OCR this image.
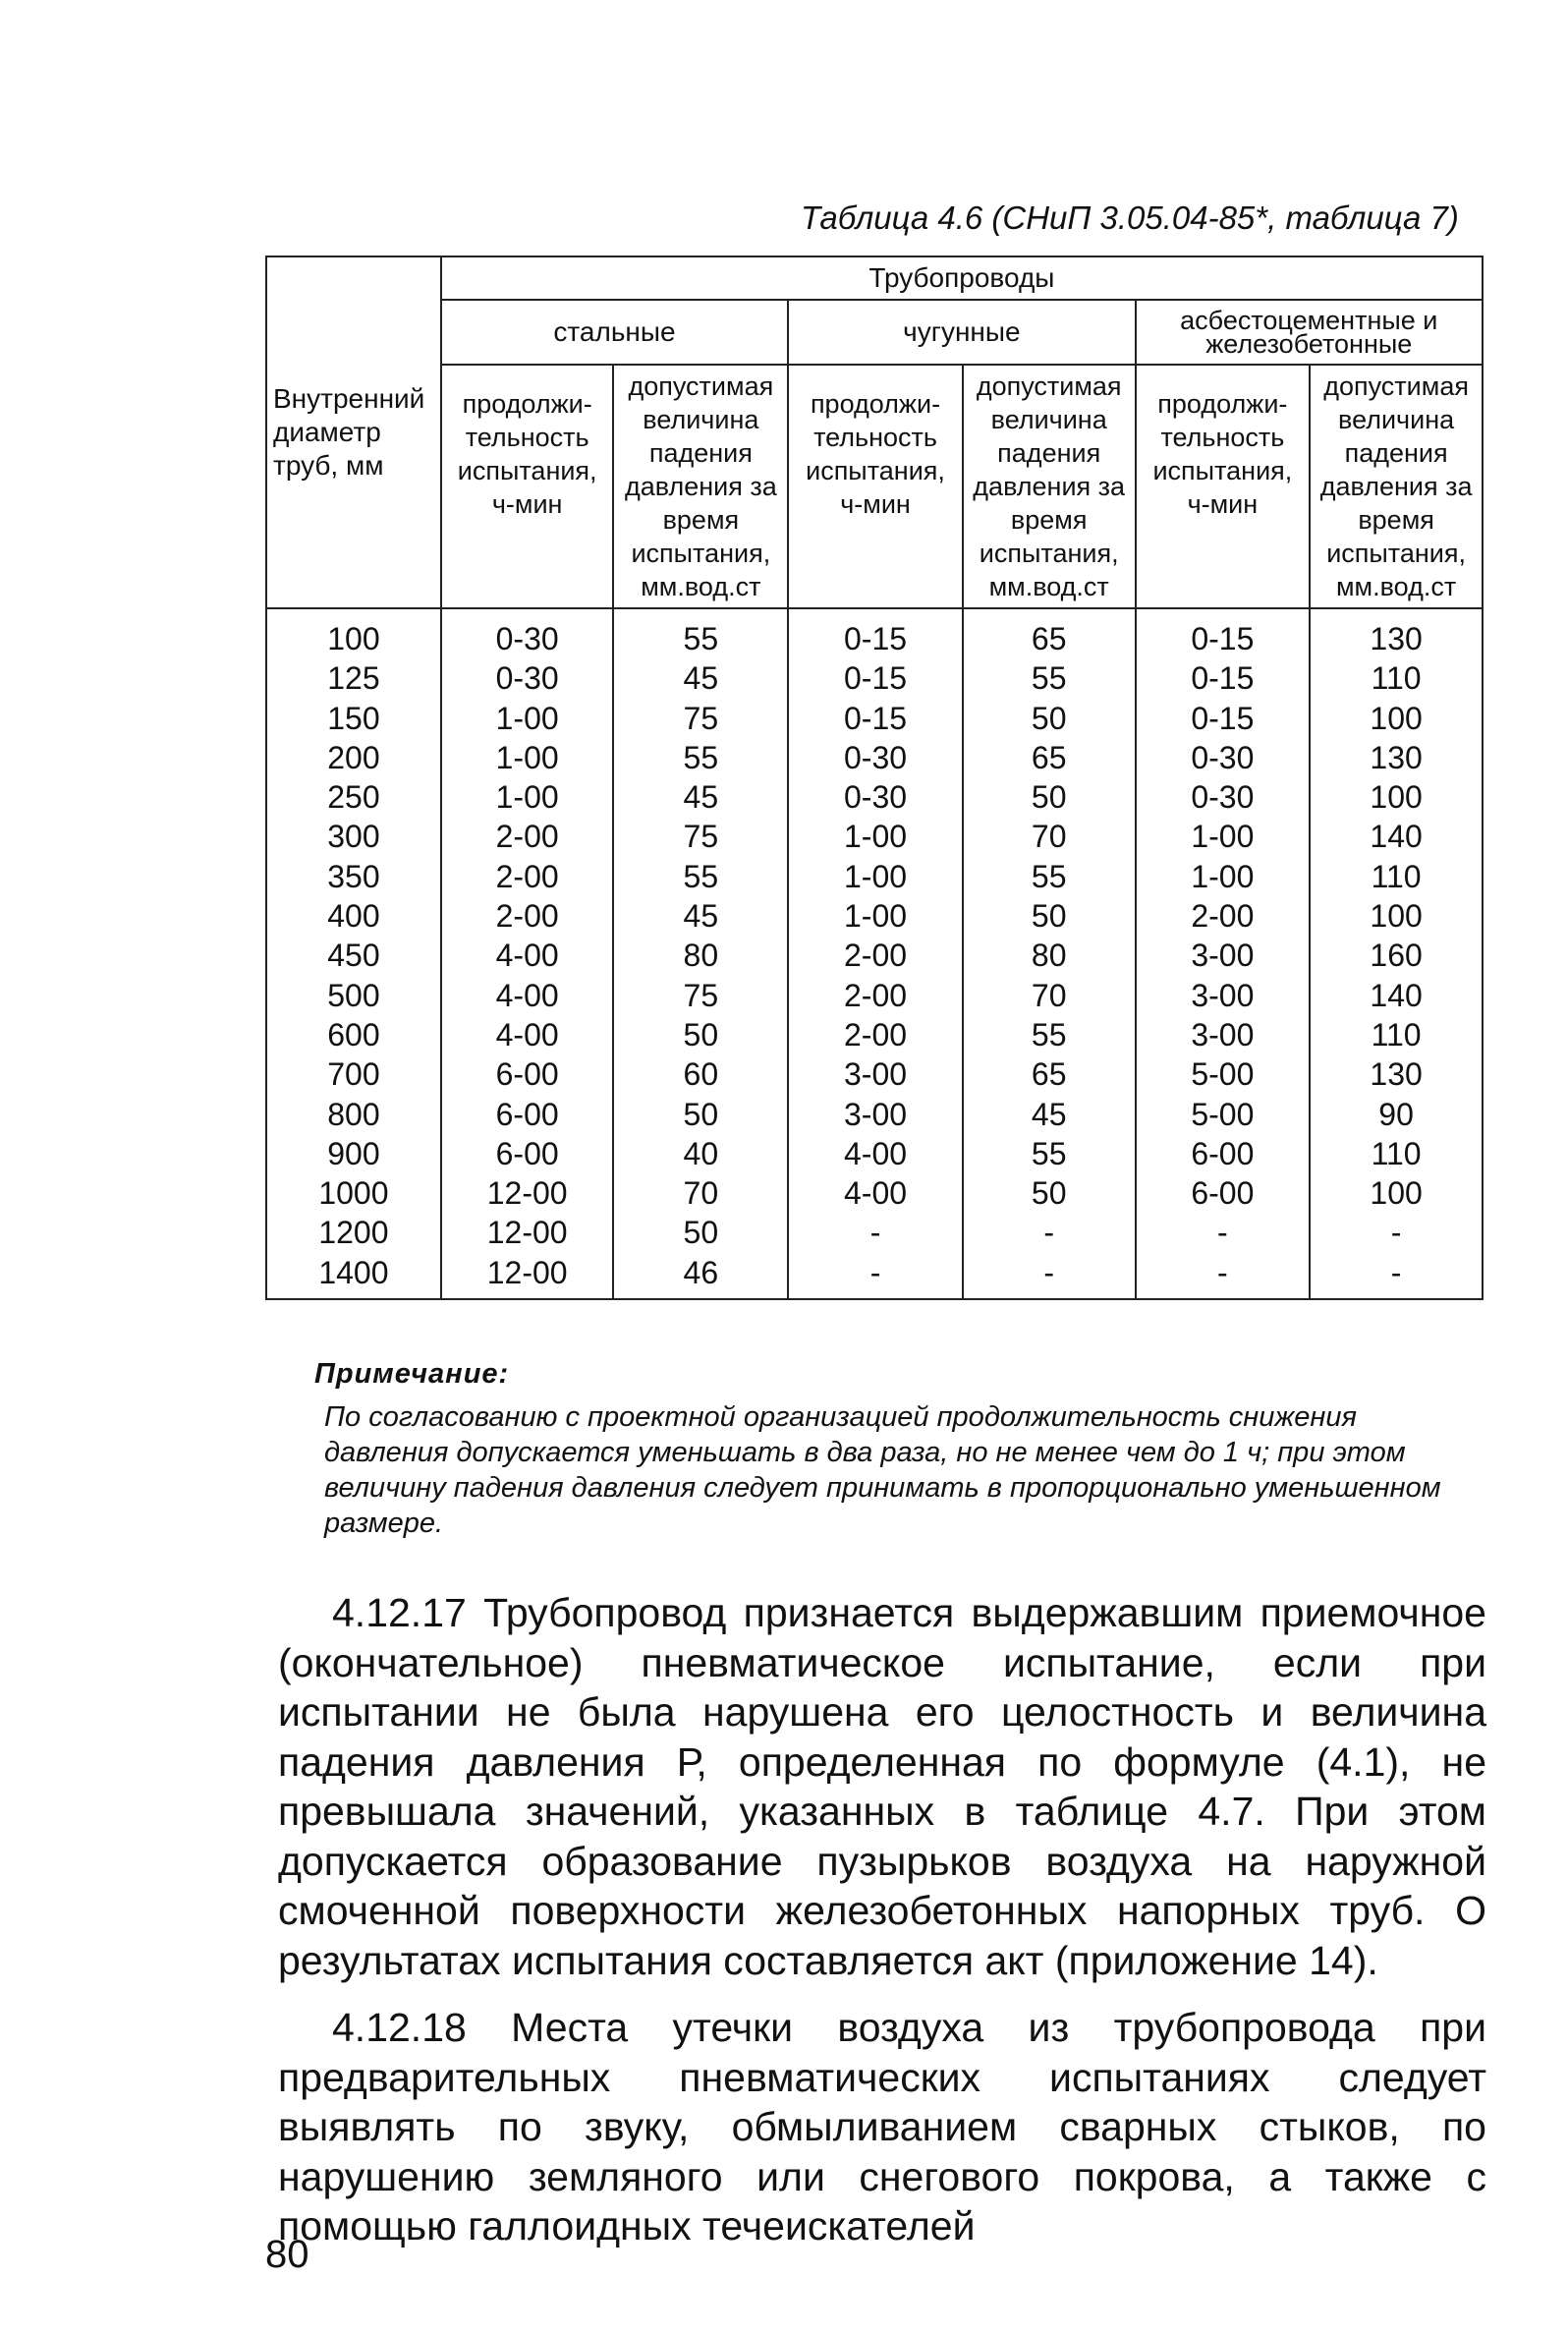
Таблица 4.6 (СНиП 3.05.04-85*, таблица 7)
Внутренний диаметр труб, мм	Трубопроводы					
	стальные		чугунные		асбестоцементные и железобетонные	
	продолжи- тельность испытания, ч-мин	допустимая величина падения давления за время испытания, мм.вод.ст	продолжи- тельность испытания, ч-мин	допустимая величина падения давления за время испытания, мм.вод.ст	продолжи- тельность испытания, ч-мин	допустимая величина падения давления за время испытания, мм.вод.ст
100	0-30	55	0-15	65	0-15	130
125	0-30	45	0-15	55	0-15	110
150	1-00	75	0-15	50	0-15	100
200	1-00	55	0-30	65	0-30	130
250	1-00	45	0-30	50	0-30	100
300	2-00	75	1-00	70	1-00	140
350	2-00	55	1-00	55	1-00	110
400	2-00	45	1-00	50	2-00	100
450	4-00	80	2-00	80	3-00	160
500	4-00	75	2-00	70	3-00	140
600	4-00	50	2-00	55	3-00	110
700	6-00	60	3-00	65	5-00	130
800	6-00	50	3-00	45	5-00	90
900	6-00	40	4-00	55	6-00	110
1000	12-00	70	4-00	50	6-00	100
1200	12-00	50	-	-	-	-
1400	12-00	46	-	-	-	-
Примечание:
По согласованию с проектной организацией продолжительность снижения давления допускается уменьшать в два раза, но не менее чем до 1 ч; при этом величину падения давления следует принимать в пропорционально уменьшенном размере.

4.12.17 Трубопровод признается выдержавшим приемочное (окончательное) пневматическое испытание, если при испытании не была нарушена его целостность и величина падения давления Р, определенная по формуле (4.1), не превышала значений, указанных в таблице 4.7. При этом допускается образование пузырьков воздуха на наружной смоченной поверхности железобетонных напорных труб. О результатах испытания составляется акт (приложение 14).

4.12.18 Места утечки воздуха из трубопровода при предварительных пневматических испытаниях следует выявлять по звуку, обмыливанием сварных стыков, по нарушению земляного или снегового покрова, а также с помощью галлоидных течеискателей

80
